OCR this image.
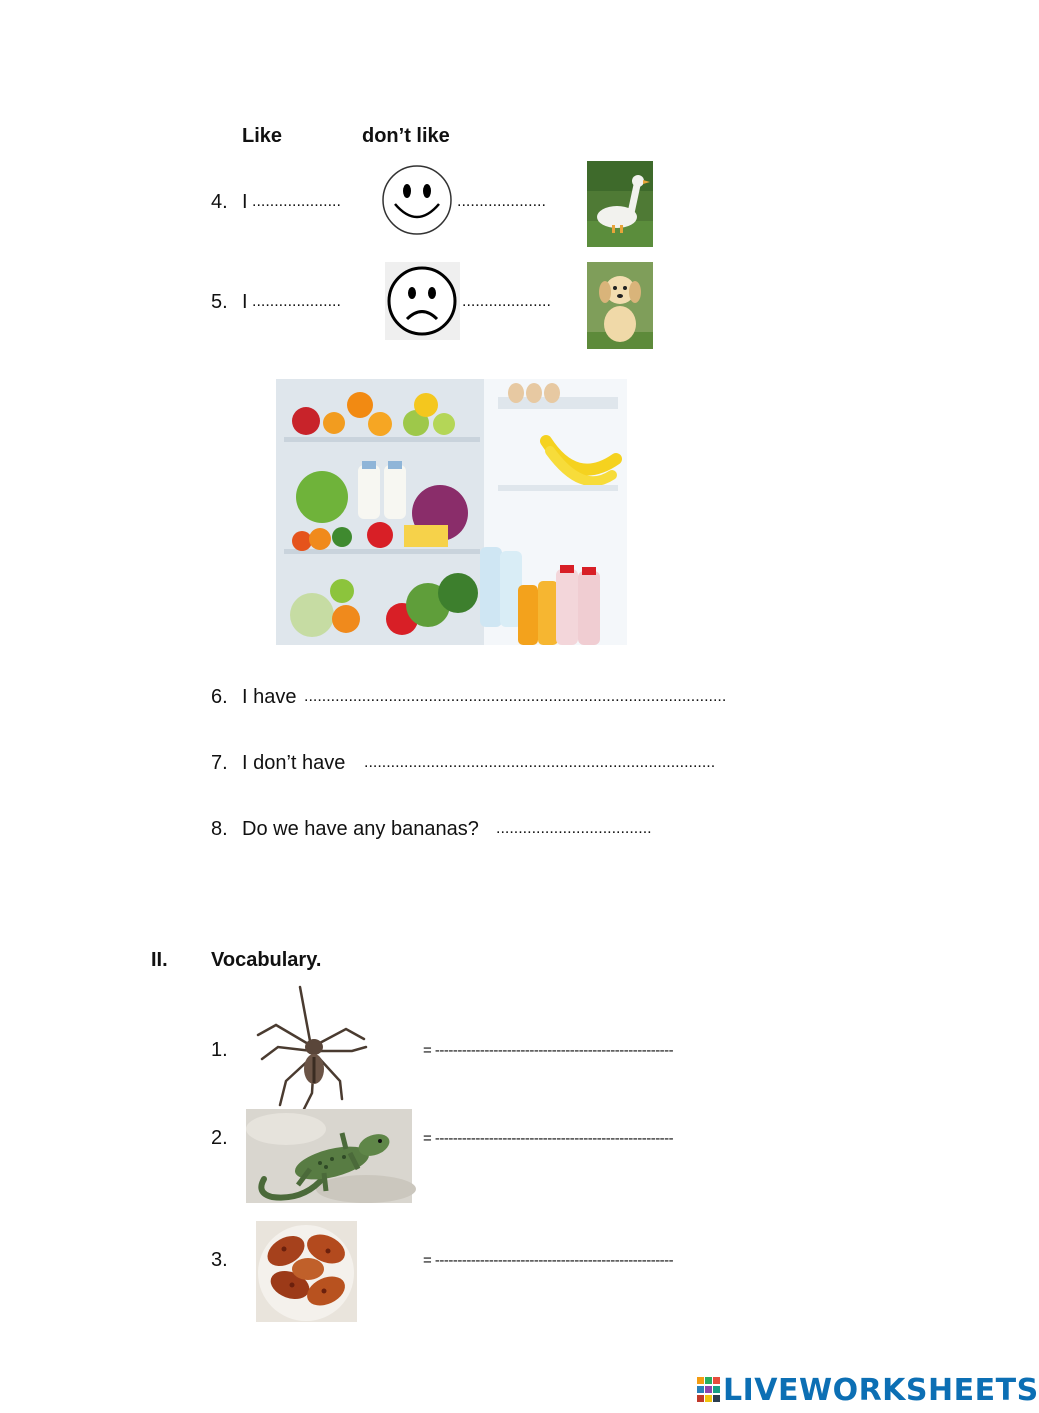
Like	don’t like
4. I ....................	....................
5. I ....................	....................
6. I have ...............................................................................................
7. I don’t have ...............................................................................
8. Do we have any bananas? ...................................
II. Vocabulary.
1.	= -----------------------------------------------------
2.	= -----------------------------------------------------
3.	= -----------------------------------------------------
LIVEWORKSHEETS
